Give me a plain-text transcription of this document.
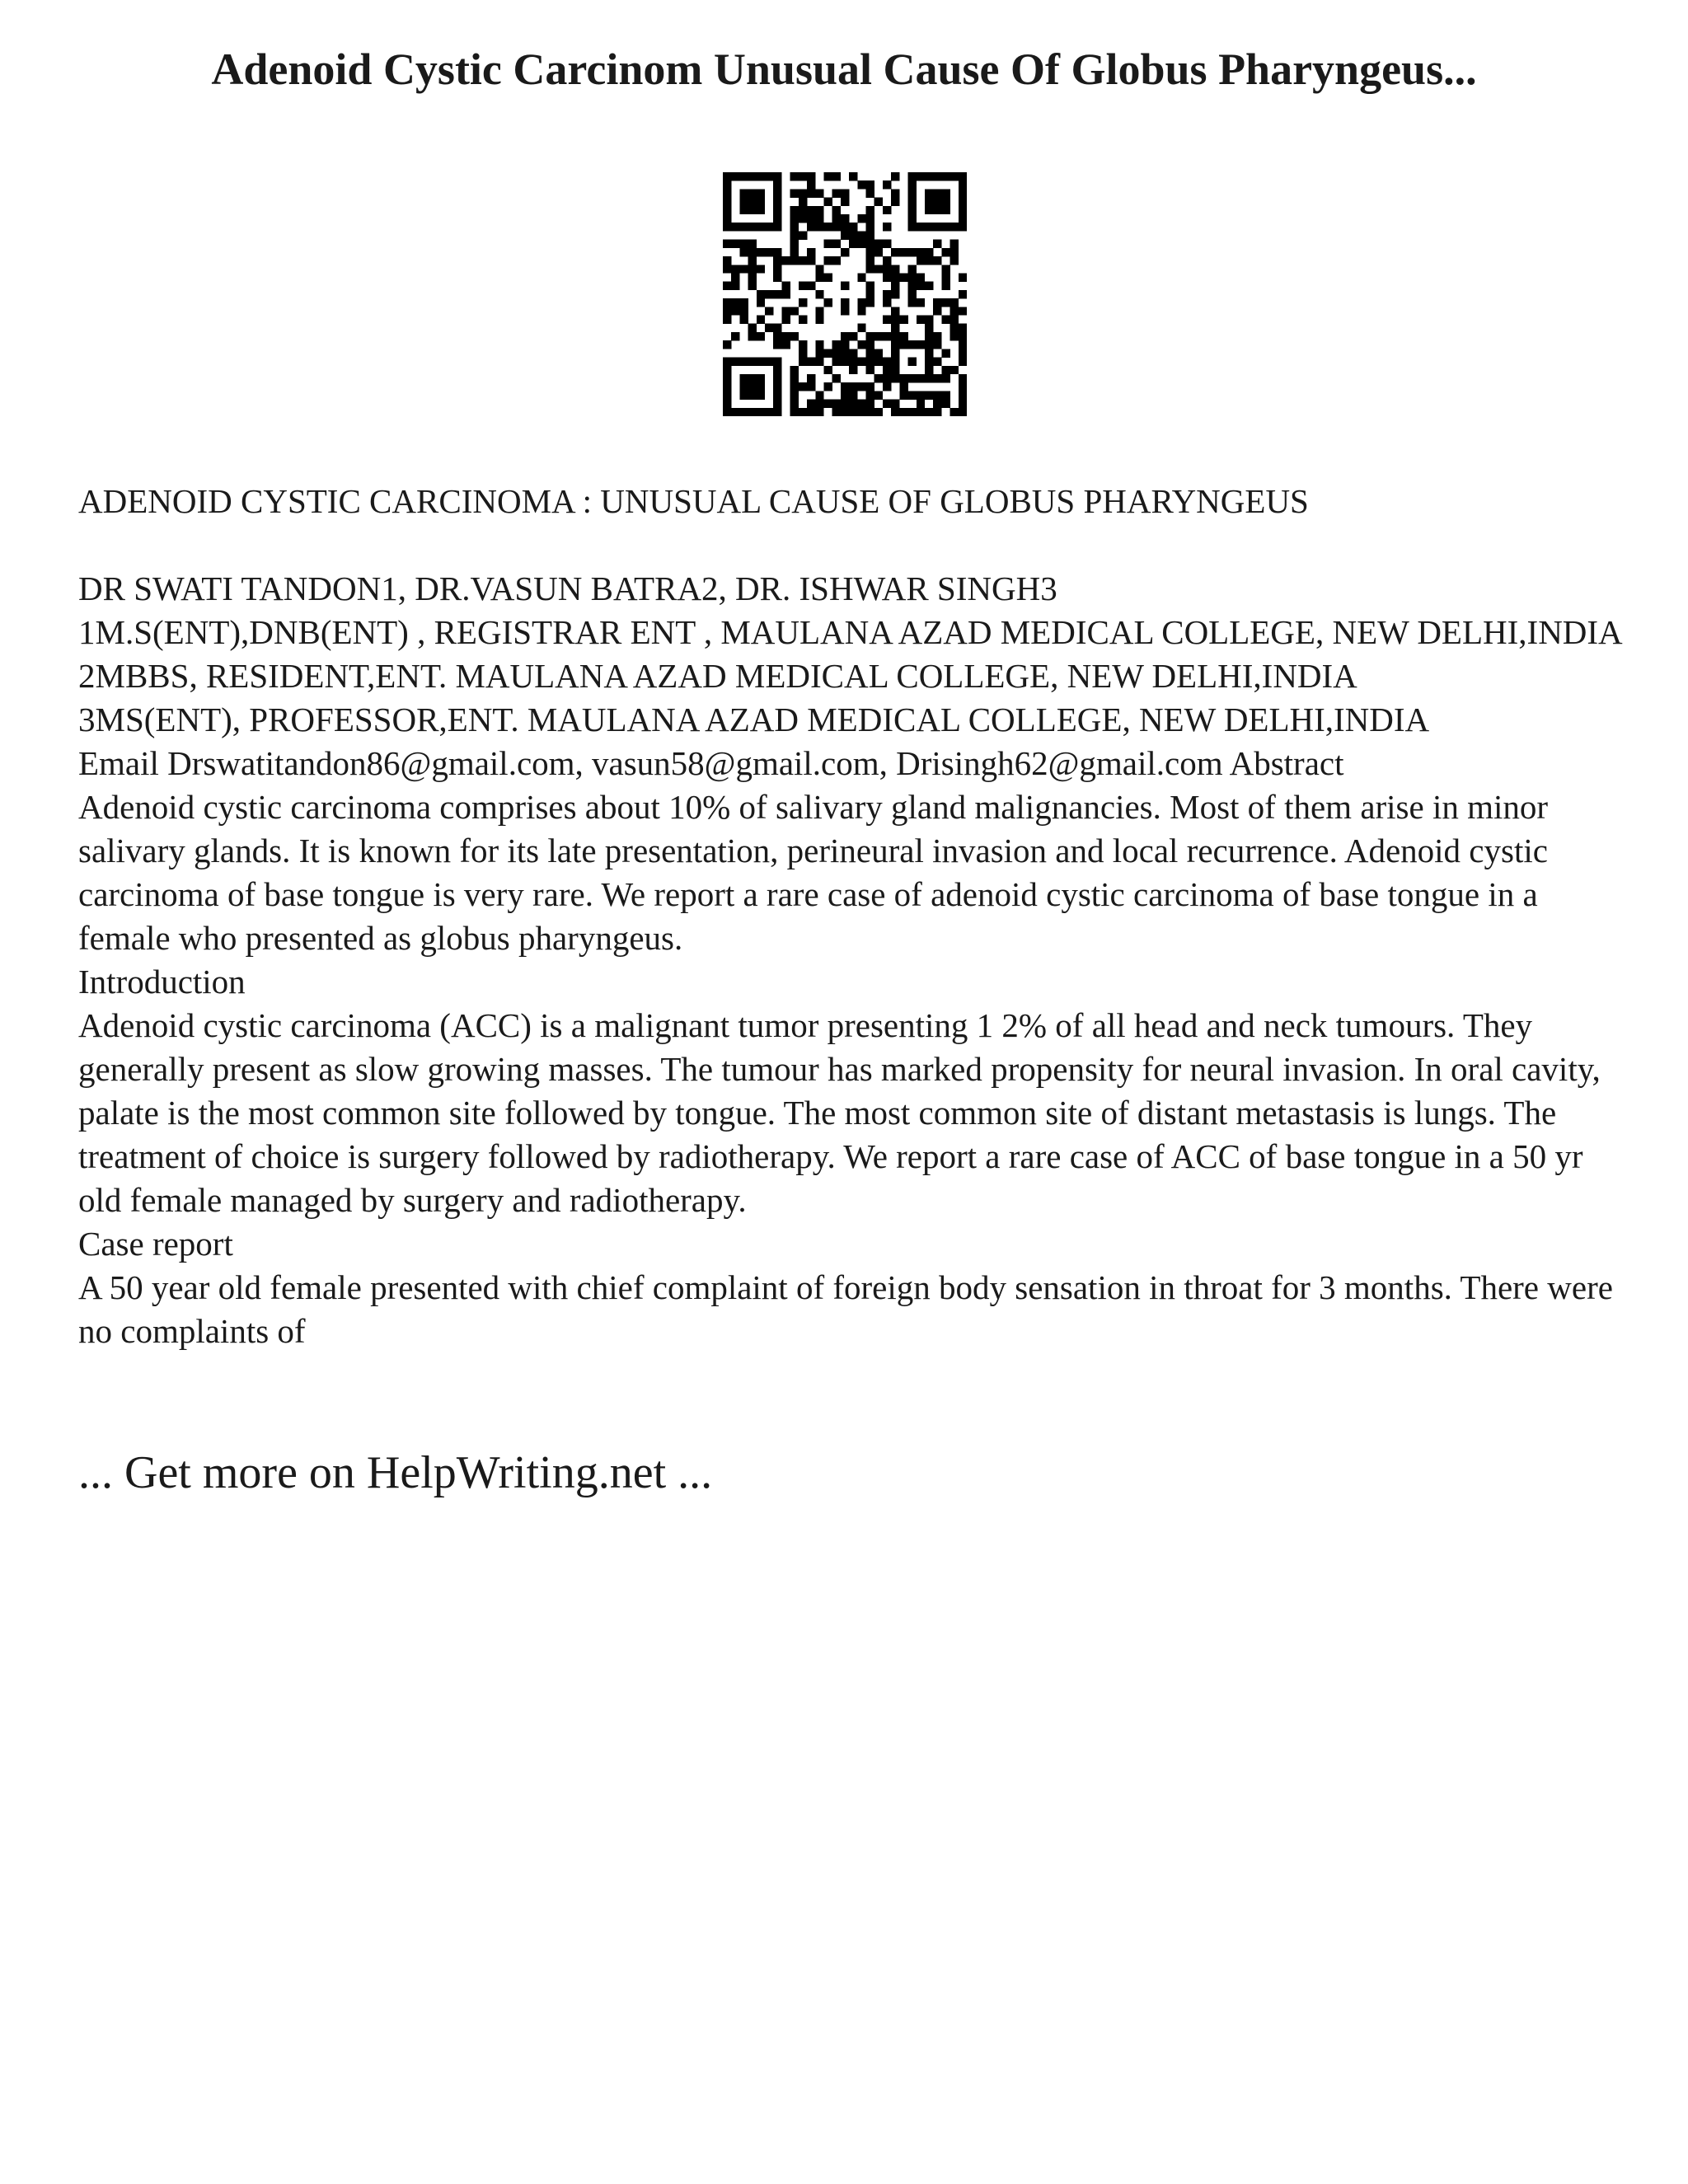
Adenoid Cystic Carcinom Unusual Cause Of Globus Pharyngeus...

ADENOID CYSTIC CARCINOMA : UNUSUAL CAUSE OF GLOBUS PHARYNGEUS

DR SWATI TANDON1, DR.VASUN BATRA2, DR. ISHWAR SINGH3

1M.S(ENT),DNB(ENT) , REGISTRAR ENT , MAULANA AZAD MEDICAL COLLEGE, NEW DELHI,INDIA

2MBBS, RESIDENT,ENT. MAULANA AZAD MEDICAL COLLEGE, NEW DELHI,INDIA

3MS(ENT), PROFESSOR,ENT. MAULANA AZAD MEDICAL COLLEGE, NEW DELHI,INDIA

Email Drswatitandon86@gmail.com, vasun58@gmail.com, Drisingh62@gmail.com Abstract

Adenoid cystic carcinoma comprises about 10% of salivary gland malignancies. Most of them arise in minor salivary glands. It is known for its late presentation, perineural invasion and local recurrence. Adenoid cystic carcinoma of base tongue is very rare. We report a rare case of adenoid cystic carcinoma of base tongue in a female who presented as globus pharyngeus.

Introduction

Adenoid cystic carcinoma (ACC) is a malignant tumor presenting 1 2% of all head and neck tumours. They generally present as slow growing masses. The tumour has marked propensity for neural invasion. In oral cavity, palate is the most common site followed by tongue. The most common site of distant metastasis is lungs. The treatment of choice is surgery followed by radiotherapy. We report a rare case of ACC of base tongue in a 50 yr old female managed by surgery and radiotherapy.

Case report

A 50 year old female presented with chief complaint of foreign body sensation in throat for 3 months. There were no complaints of

... Get more on HelpWriting.net ...
